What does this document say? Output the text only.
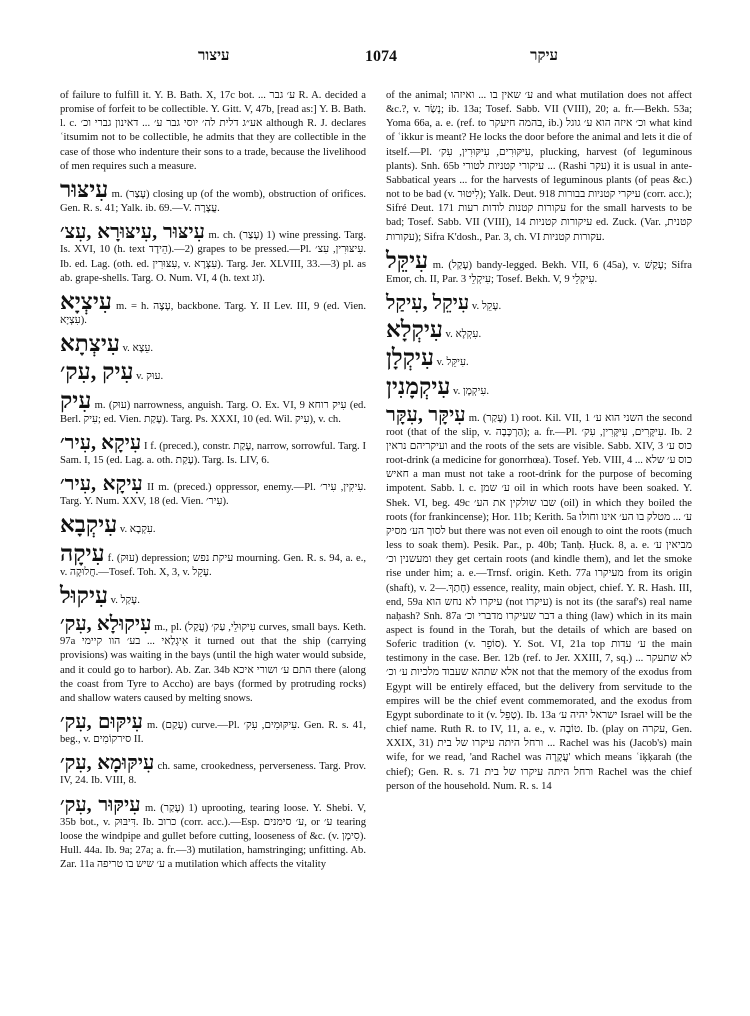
עיצור	1074	עיקר

of failure to fulfill it. Y. B. Bath. X, 17c bot. ... ע׳ גבר R. A. decided a promise of forfeit to be collectible. Y. Gitt. V, 47b, [read as:] Y. B. Bath. l. c. אע״ג דלית לה׳ יוסי גבר ע׳ ... דאינון גברי וכ׳ although R. J. declares ʿitsumim not to be collectible, he admits that they are collectible in the case of those who indenture their sons to a trade, because the livelihood of men requires such a measure.

עִיצּוּר m. (עָצַר) closing up (of the womb), obstruction of orifices. Gen. R. s. 41; Yalk. ib. 69.—V. עֲצָרָה.

עִיצּוּר ,עִיצּוּרָא ,עִצ׳ m. ch. (עָצַר) 1) wine pressing. Targ. Is. XVI, 10 (h. text הֵידָד).—2) grapes to be pressed.—Pl. עִיצּוּרִין, עִצ׳. Ib. ed. Lag. (oth. ed. עִצּוּרִין, v. עִצְּרָא). Targ. Jer. XLVIII, 33.—3) pl. as ab. grape-shells. Targ. O. Num. VI, 4 (h. text זג).

עִיצְיָא m. = h. עָצֶה, backbone. Targ. Y. II Lev. III, 9 (ed. Vien. עִצְיָא).

עִיצְתָא v. עֵצָא.

עִיק ,עִק׳ v. עוּק.

עִיק m. (עוּק) narrowness, anguish. Targ. O. Ex. VI, 9 עִיק רוחא (ed. Berl. עִיק; ed. Vien. עָקַת). Targ. Ps. XXXI, 10 (ed. Wil. עִיק), v. ch.

עִיקָא ,עִיר׳ I f. (preced.), constr. עָקַת, narrow, sorrowful. Targ. I Sam. I, 15 (ed. Lag. a. oth. עָקַת). Targ. Is. LIV, 6.

עִיקָא ,עִיר׳ II m. (preced.) oppressor, enemy.—Pl. עִיקִין, עִיר׳. Targ. Y. Num. XXV, 18 (ed. Vien. עִיר׳).

עִיקְבָא v. עִקְבָא.

עִיקָה f. (עוּק) depression; עיקת נפש mourning. Gen. R. s. 94, a. e., v. חֲלוּקָה.—Tosef. Toh. X, 3, v. עָקֵל.

עִיקוּל v. עָקַל.

עִיקוּלָא ,עִק׳ m., pl. עִיקוּלֵי, עַק׳ (עֲקַל) curves, small bays. Keth. 97a אִיגְלַאי ... בע׳ הוו קיימי it turned out that the ship (carrying provisions) was waiting in the bays (until the high water would subside, and it could go to harbor). Ab. Zar. 34b התם ע׳ ושורי איכא there (along the coast from Tyre to Accho) are bays (formed by protruding rocks) and shallow waters caused by melting snows.

עִיקּוּם ,עִק׳ m. (עָקַם) curve.—Pl. עִיקּוּמִים, עִק׳. Gen. R. s. 41, beg., v. סירקוֹמִים II.

עִיקּוּמָא ,עִק׳ ch. same, crookedness, perverseness. Targ. Prov. IV, 24. Ib. VIII, 8.

עִיקּוּר ,עִק׳ m. (עָקַר) 1) uprooting, tearing loose. Y. Shebi. V, 35b bot., v. דִּיבּוּק. Ib. כרוב (corr. acc.).—Esp. ע׳ סימנים, or ע׳ tearing loose the windpipe and gullet before cutting, looseness of &c. (v. סִימָן). Hull. 44a. Ib. 9a; 27a; a. fr.—3) mutilation, hamstringing; unfitting. Ab. Zar. 11a ע׳ שיש בו טריפה a mutilation which affects the vitality

of the animal; ע׳ שאין בו ... ואיזהו and what mutilation does not affect &c.?, v. נְשַׂר; ib. 13a; Tosef. Sabb. VII (VIII), 20; a. fr.—Bekh. 53a; Yoma 66a, a. e. (ref. to בהמה חיעקר, ib.) וכ׳ איזה הוא ע׳ גוגל what kind of ʿikkur is meant? He locks the door before the animal and lets it die of itself.—Pl. עִיקּוּרִים, עִיקּוּרִין, עִק׳, plucking, harvest (of leguminous plants). Snh. 65b עיקורי קטניות לטורי ... (Rashi עקר) it is usual in ante-Sabbatical years ... for the harvests of leguminous plants (of peas &c.) not to be bad (v. לִיטוּר); Yalk. Deut. 918 עיקרי קטניות בבורות (corr. acc.); Sifré Deut. 171 עקורות קטנות לודות רעות for the small harvests to be bad; Tosef. Sabb. VII (VIII), 14 עיקורות קטניות ed. Zuck. (Var. קטנית, עקורות); Sifra K'dosh., Par. 3, ch. VI עקורות קטניות.

עִיקֵּל m. (עָקַל) bandy-legged. Bekh. VII, 6 (45a), v. עָקַשׁ; Sifra Emor, ch. II, Par. 3 עִיקְלֵי; Tosef. Bekh. V, 9 עִיקְלֵי.

עִיקֵל ,עִיקַל v. עָקֵל.

עִיקְלָא v. עִקְלָא.

עִיקְלָן v. עִיקֵּל.

עִיקְמָנִין v. עִיקְמָן.

עִיקָּר ,עִקָּר m. (עָקַר) 1) root. Kil. VII, 1 השני הוא ע׳ the second root (that of the slip, v. הַרְכָּבָה); a. fr.—Pl. עִיקָּרִים, עִיקָּרִין, עִק׳. Ib. 2 ועיקריהם נראין and the roots of the sets are visible. Sabb. XIV, 3 כוס ע׳ root-drink (a medicine for gonorrhœa). Tosef. Yeb. VIII, 4 ... כוס ע׳ שלא חאיש a man must not take a root-drink for the purpose of becoming impotent. Sabb. l. c. ע׳ שמן oil in which roots have been soaked. Y. Shek. VI, beg. 49c שבו שולקין את הע׳ (oil) in which they boiled the roots (for frankincense); Hor. 11b; Kerith. 5a ע׳ ... מטלק בו הע׳ אינו וחולו לסוך הע׳ מסיק but there was not even oil enough to oint the roots (much less to soak them). Pesik. Par., p. 40b; Tanḥ. Ḥuck. 8, a. e. מביאין ע׳ ומעשנין וכ׳ they get certain roots (and kindle them), and let the smoke rise under him; a. e.—Trnsf. origin. Keth. 77a מעיקרו from its origin (shaft), v. חָתַךְ.—2) essence, reality, main object, chief. Y. R. Hash. III, end, 59a עיקרו לא נחש הוא (not עיקרו) is not its (the saraf's) real name naḥash? Snh. 87a דבר שעיקרו מדברי וכ׳ a thing (law) which in its main aspect is found in the Torah, but the details of which are based on Soferic tradition (v. סוֹפֵר). Y. Sot. VI, 21a top ע׳ עדות the main testimony in the case. Ber. 12b (ref. to Jer. XXIII, 7, sq.) לא שתעקר ... אלא שתהא שעבוד מלכיות ע׳ וכ׳ not that the memory of the exodus from Egypt will be entirely effaced, but the delivery from servitude to the empires will be the chief event commemorated, and the exodus from Egypt subordinate to it (v. טָפֵל). Ib. 13a ישראל יהיה ע׳ Israel will be the chief name. Ruth R. to IV, 11, a. e., v. טוֹבָה. Ib. (play on עקרה, Gen. XXIX, 31) ורחל היתה עיקרו של בית ... Rachel was his (Jacob's) main wife, for we read, 'and Rachel was עֲקָרָה' which means ʿiḳḳarah (the chief); Gen. R. s. 71 ורחל היתה עיקרו של בית Rachel was the chief person of the household. Num. R. s. 14
